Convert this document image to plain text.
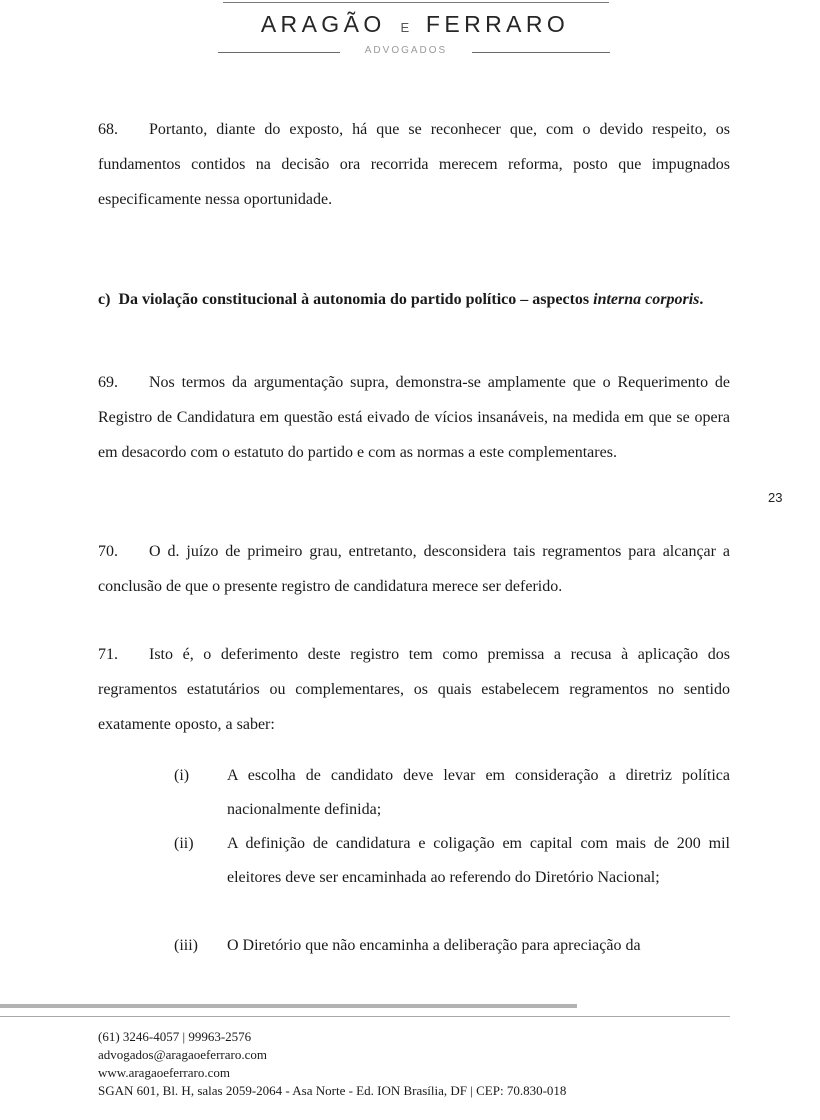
ARAGÃO E FERRARO
ADVOGADOS

68. Portanto, diante do exposto, há que se reconhecer que, com o devido respeito, os fundamentos contidos na decisão ora recorrida merecem reforma, posto que impugnados especificamente nessa oportunidade.

c) Da violação constitucional à autonomia do partido político – aspectos interna corporis.

69. Nos termos da argumentação supra, demonstra-se amplamente que o Requerimento de Registro de Candidatura em questão está eivado de vícios insanáveis, na medida em que se opera em desacordo com o estatuto do partido e com as normas a este complementares.

23

70. O d. juízo de primeiro grau, entretanto, desconsidera tais regramentos para alcançar a conclusão de que o presente registro de candidatura merece ser deferido.

71. Isto é, o deferimento deste registro tem como premissa a recusa à aplicação dos regramentos estatutários ou complementares, os quais estabelecem regramentos no sentido exatamente oposto, a saber:

(i)	A escolha de candidato deve levar em consideração a diretriz política nacionalmente definida;
(ii)	A definição de candidatura e coligação em capital com mais de 200 mil eleitores deve ser encaminhada ao referendo do Diretório Nacional;
(iii)	O Diretório que não encaminha a deliberação para apreciação da
(61) 3246-4057 | 99963-2576
advogados@aragaoeferraro.com
www.aragaoeferraro.com
SGAN 601, Bl. H, salas 2059-2064 - Asa Norte - Ed. ION Brasília, DF | CEP: 70.830-018
